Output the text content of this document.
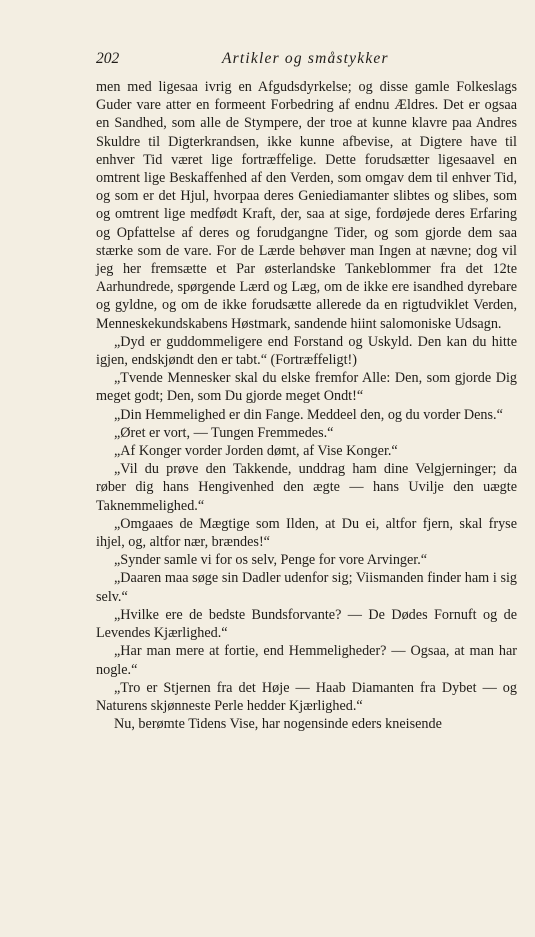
202	Artikler og småstykker

men med ligesaa ivrig en Afgudsdyrkelse; og disse gamle Folkeslags Guder vare atter en formeent Forbedring af endnu Ældres. Det er ogsaa en Sandhed, som alle de Stympere, der troe at kunne klavre paa Andres Skuldre til Digterkrandsen, ikke kunne afbevise, at Digtere have til enhver Tid været lige fortræffelige. Dette forudsætter ligesaavel en omtrent lige Beskaffenhed af den Verden, som omgav dem til enhver Tid, og som er det Hjul, hvorpaa deres Geniediamanter slibtes og slibes, som og omtrent lige medfødt Kraft, der, saa at sige, fordøjede deres Erfaring og Opfattelse af deres og forudgangne Tider, og som gjorde dem saa stærke som de vare. For de Lærde behøver man Ingen at nævne; dog vil jeg her fremsætte et Par østerlandske Tankeblommer fra det 12te Aarhundrede, spørgende Lærd og Læg, om de ikke ere isandhed dyrebare og gyldne, og om de ikke forudsætte allerede da en rigtudviklet Verden, Menneskekundskabens Høstmark, sandende hiint salomoniske Udsagn.

„Dyd er guddommeligere end Forstand og Uskyld. Den kan du hitte igjen, endskjøndt den er tabt.“ (Fortræffeligt!)

„Tvende Mennesker skal du elske fremfor Alle: Den, som gjorde Dig meget godt; Den, som Du gjorde meget Ondt!“

„Din Hemmelighed er din Fange. Meddeel den, og du vorder Dens.“

„Øret er vort, — Tungen Fremmedes.“

„Af Konger vorder Jorden dømt, af Vise Konger.“

„Vil du prøve den Takkende, unddrag ham dine Velgjerninger; da røber dig hans Hengivenhed den ægte — hans Uvilje den uægte Taknemmelighed.“

„Omgaaes de Mægtige som Ilden, at Du ei, altfor fjern, skal fryse ihjel, og, altfor nær, brændes!“

„Synder samle vi for os selv, Penge for vore Arvinger.“

„Daaren maa søge sin Dadler udenfor sig; Viismanden finder ham i sig selv.“

„Hvilke ere de bedste Bundsforvante? — De Dødes Fornuft og de Levendes Kjærlighed.“

„Har man mere at fortie, end Hemmeligheder? — Ogsaa, at man har nogle.“

„Tro er Stjernen fra det Høje — Haab Diamanten fra Dybet — og Naturens skjønneste Perle hedder Kjærlighed.“

Nu, berømte Tidens Vise, har nogensinde eders kneisende
